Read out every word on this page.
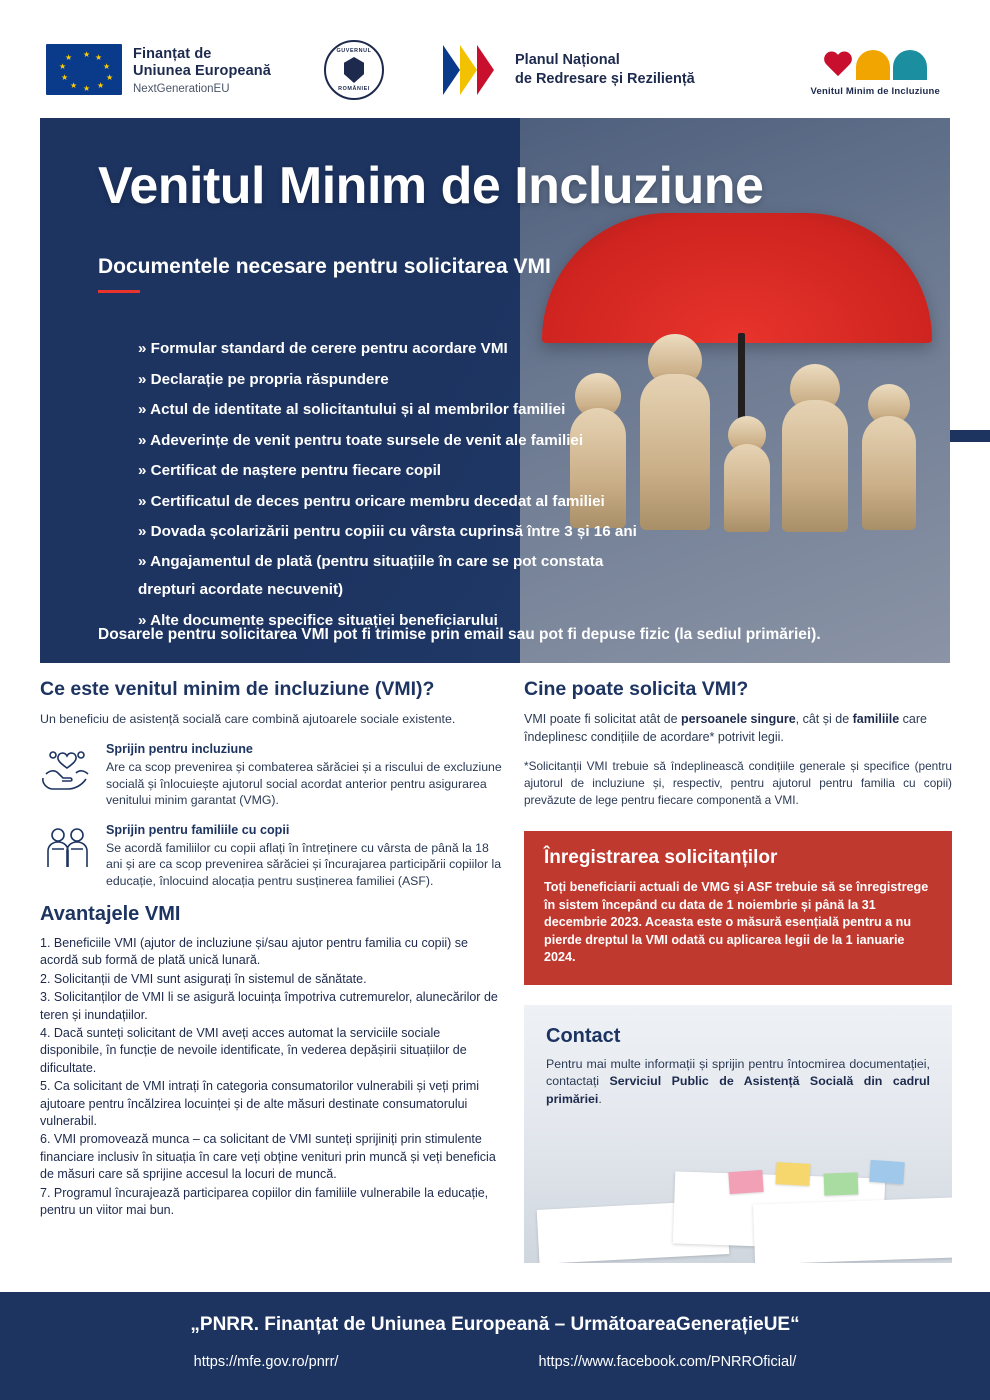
★ ★
★
★
★
★
★
★
★
★	Finanțat de
Uniunea Europeană
NextGenerationEU
GUVERNUL
ROMÂNIEI
Planul Național
de Redresare și Reziliență
Venitul Minim de Incluziune
Venitul Minim de Incluziune
Documentele necesare pentru solicitarea VMI
» Formular standard de cerere pentru acordare VMI
» Declarație pe propria răspundere
» Actul de identitate al solicitantului și al membrilor familiei
» Adeverințe de venit pentru toate sursele de venit ale familiei
» Certificat de naștere pentru fiecare copil
» Certificatul de deces pentru oricare membru decedat al familiei
» Dovada școlarizării pentru copiii cu vârsta cuprinsă între 3 și 16 ani
» Angajamentul de plată (pentru situațiile în care se pot constata drepturi acordate necuvenit)
» Alte documente specifice situației beneficiarului
Dosarele pentru solicitarea VMI pot fi trimise prin email sau pot fi depuse fizic (la sediul primăriei).
Ce este venitul minim de incluziune (VMI)?

Un beneficiu de asistență socială care combină ajutoarele sociale existente.

Sprijin pentru incluziune
Are ca scop prevenirea și combaterea sărăciei și a riscului de excluziune socială și înlocuiește ajutorul social acordat anterior pentru asigurarea venitului minim garantat (VMG).
Sprijin pentru familiile cu copii
Se acordă familiilor cu copii aflați în întreținere cu vârsta de până la 18 ani și are ca scop prevenirea sărăciei și încurajarea participării copiilor la educație, înlocuind alocația pentru susținerea familiei (ASF).
Avantajele VMI

1. Beneficiile VMI (ajutor de incluziune și/sau ajutor pentru familia cu copii) se acordă sub formă de plată unică lunară.

2. Solicitanții de VMI sunt asigurați în sistemul de sănătate.

3. Solicitanților de VMI li se asigură locuința împotriva cutremurelor, alunecărilor de teren și inundațiilor.

4. Dacă sunteți solicitant de VMI aveți acces automat la serviciile sociale disponibile, în funcție de nevoile identificate, în vederea depășirii situațiilor de dificultate.

5. Ca solicitant de VMI intrați în categoria consumatorilor vulnerabili și veți primi ajutoare pentru încălzirea locuinței și de alte măsuri destinate consumatorului vulnerabil.

6. VMI promovează munca – ca solicitant de VMI sunteți sprijiniți prin stimulente financiare inclusiv în situația în care veți obține venituri prin muncă și veți beneficia de măsuri care să sprijine accesul la locuri de muncă.

7. Programul încurajează participarea copiilor din familiile vulnerabile la educație, pentru un viitor mai bun.

Cine poate solicita VMI?

VMI poate fi solicitat atât de persoanele singure, cât și de familiile care îndeplinesc condițiile de acordare* potrivit legii.

*Solicitanții VMI trebuie să îndeplinească condițiile generale și specifice (pentru ajutorul de incluziune și, respectiv, pentru ajutorul pentru familia cu copii) prevăzute de lege pentru fiecare componentă a VMI.

Înregistrarea solicitanților

Toți beneficiarii actuali de VMG și ASF trebuie să se înregistrege în sistem începând cu data de 1 noiembrie și până la 31 decembrie 2023. Aceasta este o măsură esențială pentru a nu pierde dreptul la VMI odată cu aplicarea legii de la 1 ianuarie 2024.

Contact

Pentru mai multe informații și sprijin pentru întocmirea documentației, contactați Serviciul Public de Asistență Socială din cadrul primăriei.

„PNRR. Finanțat de Uniunea Europeană – UrmătoareaGenerațieUE“
https://mfe.gov.ro/pnrr/	https://www.facebook.com/PNRROficial/
